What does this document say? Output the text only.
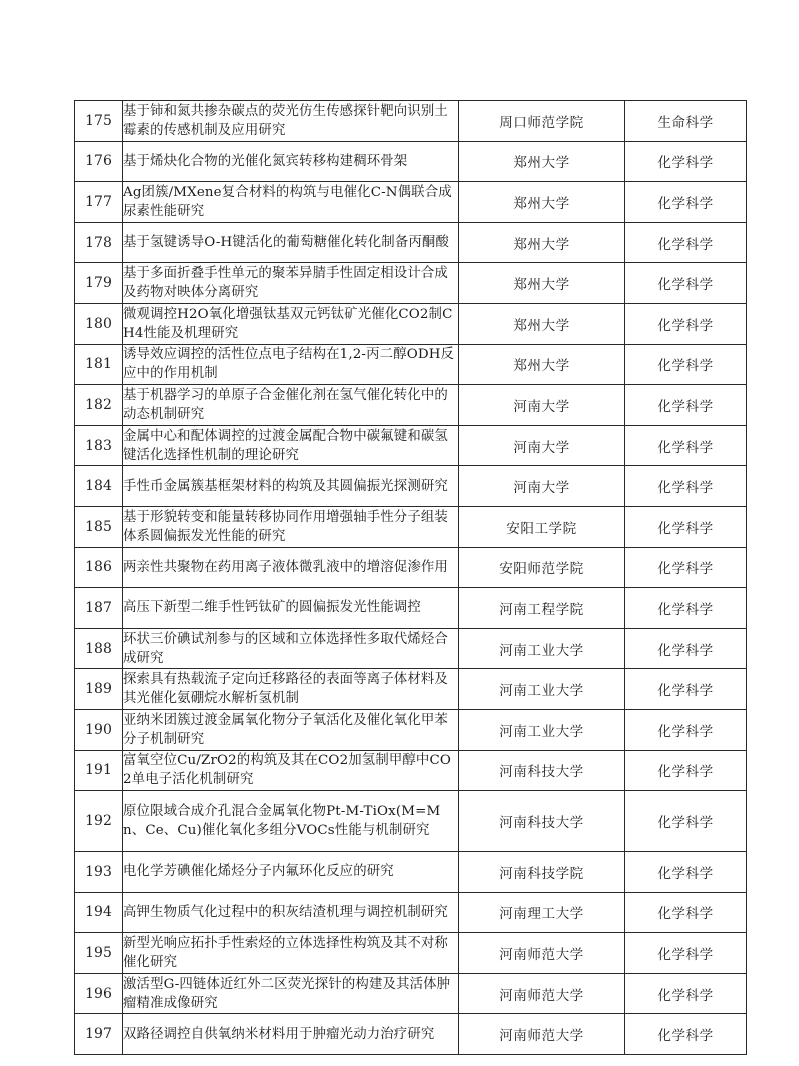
175	基于铈和氮共掺杂碳点的荧光仿生传感探针靶向识别土霉素的传感机制及应用研究	周口师范学院	生命科学
176	基于烯炔化合物的光催化氮宾转移构建稠环骨架	郑州大学	化学科学
177	Ag团簇/MXene复合材料的构筑与电催化C-N偶联合成尿素性能研究	郑州大学	化学科学
178	基于氢键诱导O-H键活化的葡萄糖催化转化制备丙酮酸	郑州大学	化学科学
179	基于多面折叠手性单元的聚苯异腈手性固定相设计合成及药物对映体分离研究	郑州大学	化学科学
180	微观调控H2O氧化增强钛基双元钙钛矿光催化CO2制CH4性能及机理研究	郑州大学	化学科学
181	诱导效应调控的活性位点电子结构在1,2-丙二醇ODH反应中的作用机制	郑州大学	化学科学
182	基于机器学习的单原子合金催化剂在氢气催化转化中的动态机制研究	河南大学	化学科学
183	金属中心和配体调控的过渡金属配合物中碳氟键和碳氢键活化选择性机制的理论研究	河南大学	化学科学
184	手性币金属簇基框架材料的构筑及其圆偏振光探测研究	河南大学	化学科学
185	基于形貌转变和能量转移协同作用增强轴手性分子组装体系圆偏振发光性能的研究	安阳工学院	化学科学
186	两亲性共聚物在药用离子液体微乳液中的增溶促渗作用	安阳师范学院	化学科学
187	高压下新型二维手性钙钛矿的圆偏振发光性能调控	河南工程学院	化学科学
188	环状三价碘试剂参与的区域和立体选择性多取代烯烃合成研究	河南工业大学	化学科学
189	探索具有热载流子定向迁移路径的表面等离子体材料及其光催化氨硼烷水解析氢机制	河南工业大学	化学科学
190	亚纳米团簇过渡金属氧化物分子氧活化及催化氧化甲苯分子机制研究	河南工业大学	化学科学
191	富氧空位Cu/ZrO2的构筑及其在CO2加氢制甲醇中CO2单电子活化机制研究	河南科技大学	化学科学
192	原位限域合成介孔混合金属氧化物Pt-M-TiOx(M=Mn、Ce、Cu)催化氧化多组分VOCs性能与机制研究	河南科技大学	化学科学
193	电化学芳碘催化烯烃分子内氟环化反应的研究	河南科技学院	化学科学
194	高钾生物质气化过程中的积灰结渣机理与调控机制研究	河南理工大学	化学科学
195	新型光响应拓扑手性索烃的立体选择性构筑及其不对称催化研究	河南师范大学	化学科学
196	激活型G-四链体近红外二区荧光探针的构建及其活体肿瘤精准成像研究	河南师范大学	化学科学
197	双路径调控自供氧纳米材料用于肿瘤光动力治疗研究	河南师范大学	化学科学
